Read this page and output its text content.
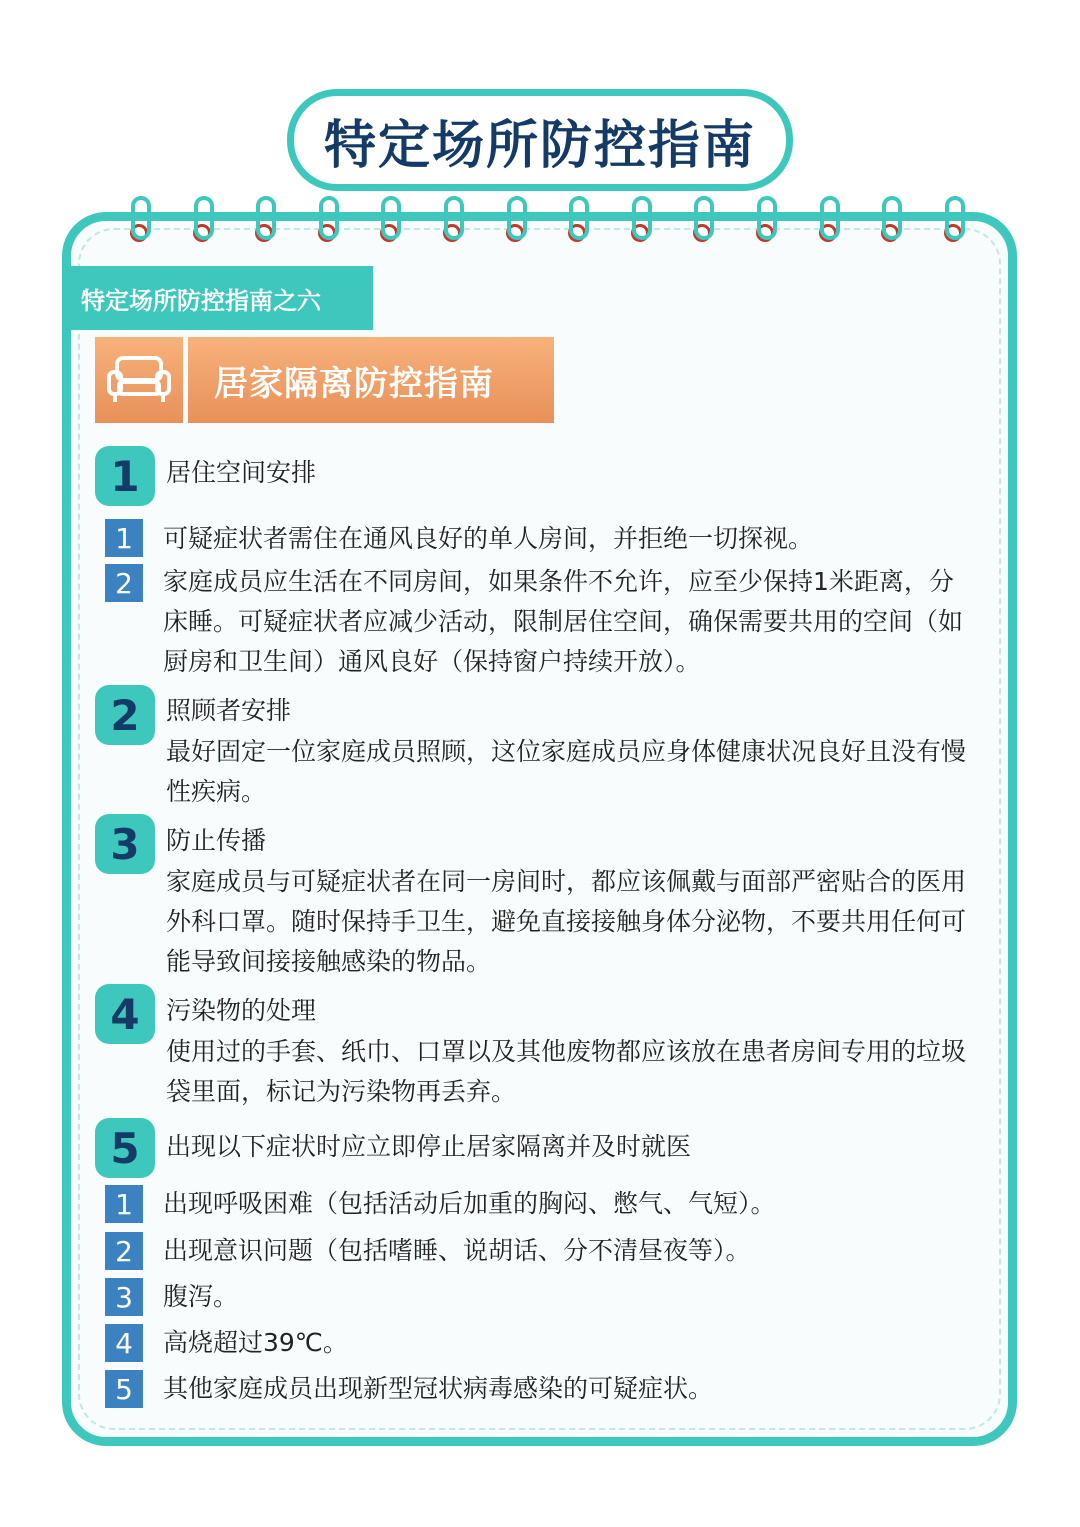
特定场所防控指南
特定场所防控指南之六
居家隔离防控指南
1	居住空间安排
1	可疑症状者需住在通风良好的单人房间，并拒绝一切探视。
2	家庭成员应生活在不同房间，如果条件不允许，应至少保持1米距离，分床睡。可疑症状者应减少活动，限制居住空间，确保需要共用的空间（如厨房和卫生间）通风良好（保持窗户持续开放）。
2	照顾者安排
最好固定一位家庭成员照顾，这位家庭成员应身体健康状况良好且没有慢性疾病。
3	防止传播
家庭成员与可疑症状者在同一房间时，都应该佩戴与面部严密贴合的医用外科口罩。随时保持手卫生，避免直接接触身体分泌物，不要共用任何可能导致间接接触感染的物品。
4	污染物的处理
使用过的手套、纸巾、口罩以及其他废物都应该放在患者房间专用的垃圾袋里面，标记为污染物再丢弃。
5	出现以下症状时应立即停止居家隔离并及时就医
1	出现呼吸困难（包括活动后加重的胸闷、憋气、气短）。
2	出现意识问题（包括嗜睡、说胡话、分不清昼夜等）。
3	腹泻。
4	高烧超过39℃。
5	其他家庭成员出现新型冠状病毒感染的可疑症状。
